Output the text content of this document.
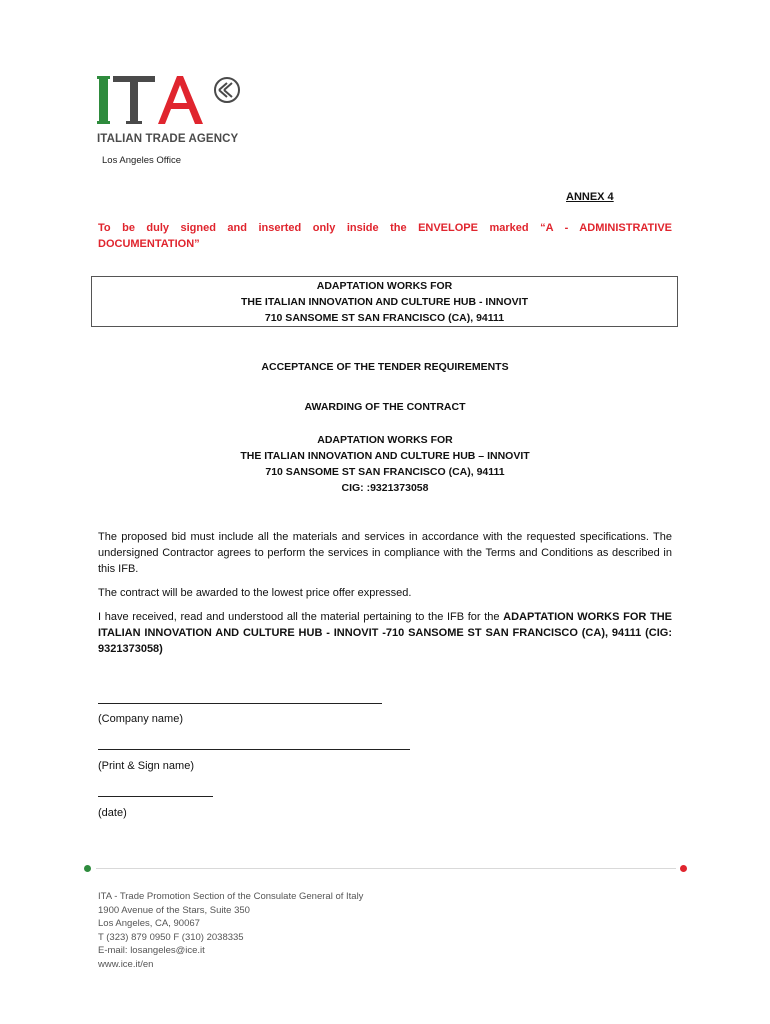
ITALIAN TRADE AGENCY
Los Angeles Office
ANNEX 4
To be duly signed and inserted only inside the ENVELOPE marked “A - ADMINISTRATIVE
DOCUMENTATION”
ADAPTATION WORKS FOR
THE ITALIAN INNOVATION AND CULTURE HUB - INNOVIT
710 SANSOME ST SAN FRANCISCO (CA), 94111
ACCEPTANCE OF THE TENDER REQUIREMENTS
AWARDING OF THE CONTRACT
ADAPTATION WORKS FOR
THE ITALIAN INNOVATION AND CULTURE HUB – INNOVIT
710 SANSOME ST SAN FRANCISCO (CA), 94111
CIG: :9321373058
The proposed bid must include all the materials and services in accordance with the requested specifications. The undersigned Contractor agrees to perform the services in compliance with the Terms and Conditions as described in this IFB.
The contract will be awarded to the lowest price offer expressed.
I have received, read and understood all the material pertaining to the IFB for the ADAPTATION WORKS FOR THE ITALIAN INNOVATION AND CULTURE HUB - INNOVIT -710 SANSOME ST SAN FRANCISCO (CA), 94111 (CIG: 9321373058)
(Company name)
(Print & Sign name)
(date)
ITA - Trade Promotion Section of the Consulate General of Italy
1900 Avenue of the Stars, Suite 350
Los Angeles, CA, 90067
T (323) 879 0950 F (310) 2038335
E-mail: losangeles@ice.it
www.ice.it/en
